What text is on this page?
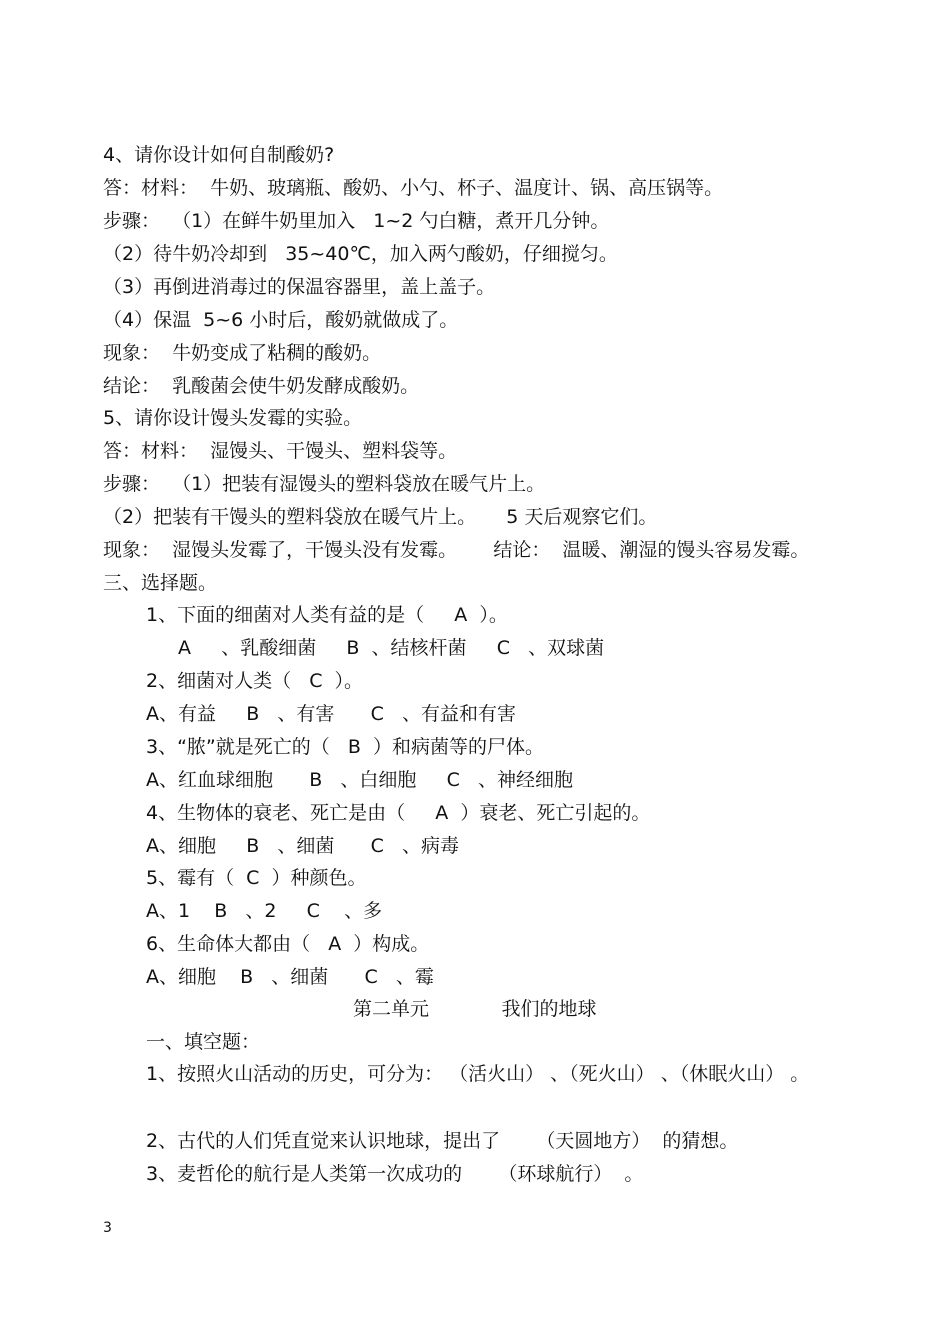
4、请你设计如何自制酸奶?
答：材料：  牛奶、玻璃瓶、酸奶、小勺、杯子、温度计、锅、高压锅等。
步骤：  （1）在鲜牛奶里加入   1~2 勺白糖，煮开几分钟。
（2）待牛奶冷却到   35~40℃，加入两勺酸奶，仔细搅匀。
（3）再倒进消毒过的保温容器里，盖上盖子。
（4）保温  5~6 小时后，酸奶就做成了。
现象：  牛奶变成了粘稠的酸奶。
结论：  乳酸菌会使牛奶发酵成酸奶。
5、请你设计馒头发霉的实验。
答：材料：  湿馒头、干馒头、塑料袋等。
步骤：  （1）把装有湿馒头的塑料袋放在暖气片上。
（2）把装有干馒头的塑料袋放在暖气片上。     5 天后观察它们。
现象：  湿馒头发霉了，干馒头没有发霉。      结论：  温暖、潮湿的馒头容易发霉。
三、选择题。
1、下面的细菌对人类有益的是（     A  ）。
A     、乳酸细菌     B  、结核杆菌     C   、双球菌
2、细菌对人类（   C  ）。
A、有益     B   、有害      C   、有益和有害
3、“脓”就是死亡的（   B  ）和病菌等的尸体。
A、红血球细胞      B   、白细胞     C   、神经细胞
4、生物体的衰老、死亡是由（     A  ）衰老、死亡引起的。
A、细胞     B   、细菌      C   、病毒
5、霉有（  C  ）种颜色。
A、1    B   、2     C    、多
6、生命体大都由（   A  ）构成。
A、细胞    B   、细菌      C   、霉
第二单元            我们的地球
一、填空题：
1、按照火山活动的历史，可分为： （活火山） 、（死火山） 、（休眠火山） 。
2、古代的人们凭直觉来认识地球，提出了      （天圆地方）  的猜想。
3、麦哲伦的航行是人类第一次成功的      （环球航行）  。
3
